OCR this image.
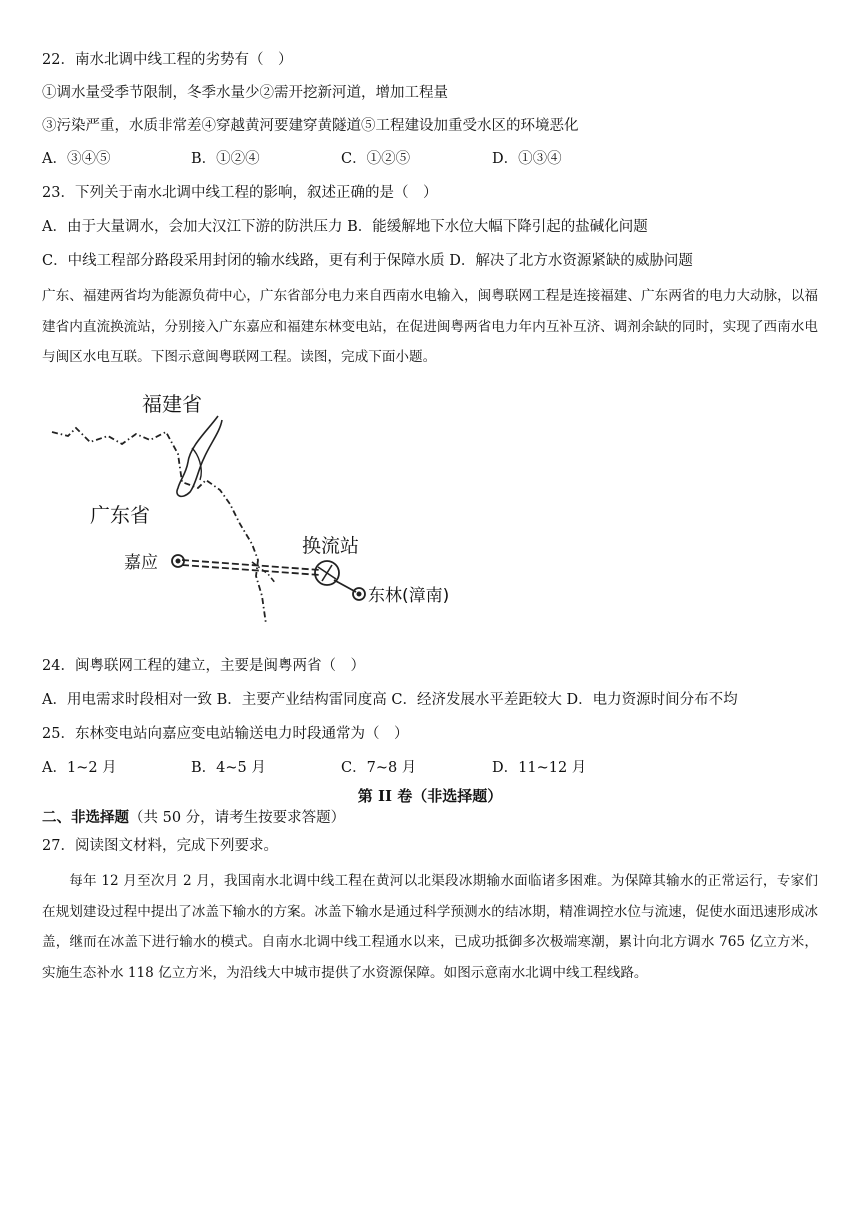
22．南水北调中线工程的劣势有（　）
①调水量受季节限制，冬季水量少②需开挖新河道，增加工程量
③污染严重，水质非常差④穿越黄河要建穿黄隧道⑤工程建设加重受水区的环境恶化
A．③④⑤	B．①②④	C．①②⑤	D．①③④
23．下列关于南水北调中线工程的影响，叙述正确的是（　）
A．由于大量调水，会加大汉江下游的防洪压力 B．能缓解地下水位大幅下降引起的盐碱化问题
C．中线工程部分路段采用封闭的输水线路，更有利于保障水质 D．解决了北方水资源紧缺的威胁问题
广东、福建两省均为能源负荷中心，广东省部分电力来自西南水电输入，闽粤联网工程是连接福建、广东两省的电力大动脉，以福建省内直流换流站，分别接入广东嘉应和福建东林变电站，在促进闽粤两省电力年内互补互济、调剂余缺的同时，实现了西南水电与闽区水电互联。下图示意闽粤联网工程。读图，完成下面小题。
福建省
广东省
换流站
嘉应
东林(漳南)
24．闽粤联网工程的建立，主要是闽粤两省（　）
A．用电需求时段相对一致 B．主要产业结构雷同度高 C．经济发展水平差距较大 D．电力资源时间分布不均
25．东林变电站向嘉应变电站输送电力时段通常为（　）
A．1~2 月	B．4~5 月	C．7~8 月	D．11~12 月
第 II 卷（非选择题）
二、非选择题（共 50 分，请考生按要求答题）
27．阅读图文材料，完成下列要求。
每年 12 月至次月 2 月，我国南水北调中线工程在黄河以北渠段冰期输水面临诸多困难。为保障其输水的正常运行，专家们在规划建设过程中提出了冰盖下输水的方案。冰盖下输水是通过科学预测水的结冰期，精准调控水位与流速，促使水面迅速形成冰盖，继而在冰盖下进行输水的模式。自南水北调中线工程通水以来，已成功抵御多次极端寒潮，累计向北方调水 765 亿立方米，实施生态补水 118 亿立方米，为沿线大中城市提供了水资源保障。如图示意南水北调中线工程线路。
